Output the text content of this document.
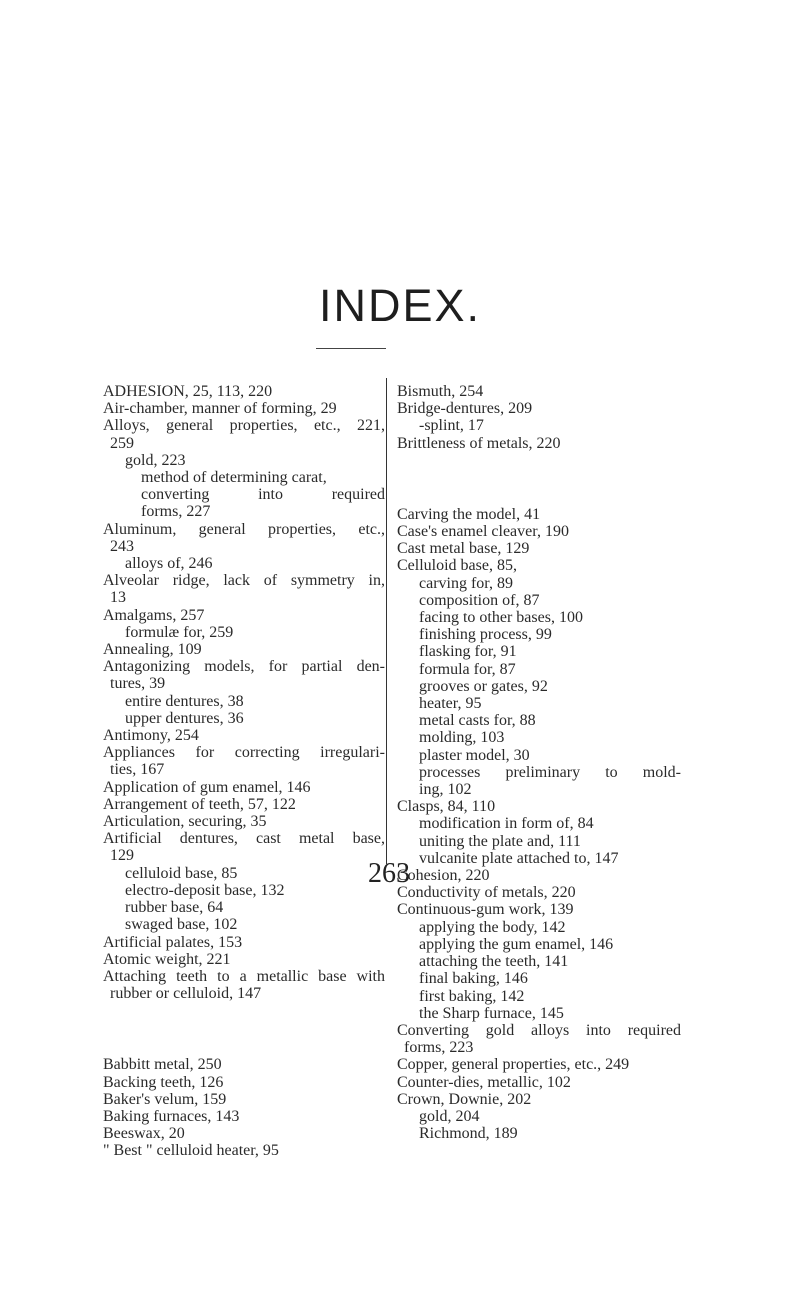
INDEX.
ADHESION, 25, 113, 220
Air-chamber, manner of forming, 29
Alloys, general properties, etc., 221,
259
gold, 223
method of determining carat,
converting into required
forms, 227
Aluminum, general properties, etc.,
243
alloys of, 246
Alveolar ridge, lack of symmetry in,
13
Amalgams, 257
formulæ for, 259
Annealing, 109
Antagonizing models, for partial den-
tures, 39
entire dentures, 38
upper dentures, 36
Antimony, 254
Appliances for correcting irregulari-
ties, 167
Application of gum enamel, 146
Arrangement of teeth, 57, 122
Articulation, securing, 35
Artificial dentures, cast metal base,
129
celluloid base, 85
electro-deposit base, 132
rubber base, 64
swaged base, 102
Artificial palates, 153
Atomic weight, 221
Attaching teeth to a metallic base with
rubber or celluloid, 147
Babbitt metal, 250
Backing teeth, 126
Baker's velum, 159
Baking furnaces, 143
Beeswax, 20
" Best " celluloid heater, 95
Bismuth, 254
Bridge-dentures, 209
-splint, 17
Brittleness of metals, 220
Carving the model, 41
Case's enamel cleaver, 190
Cast metal base, 129
Celluloid base, 85,
carving for, 89
composition of, 87
facing to other bases, 100
finishing process, 99
flasking for, 91
formula for, 87
grooves or gates, 92
heater, 95
metal casts for, 88
molding, 103
plaster model, 30
processes preliminary to mold-
ing, 102
Clasps, 84, 110
modification in form of, 84
uniting the plate and, 111
vulcanite plate attached to, 147
Cohesion, 220
Conductivity of metals, 220
Continuous-gum work, 139
applying the body, 142
applying the gum enamel, 146
attaching the teeth, 141
final baking, 146
first baking, 142
the Sharp furnace, 145
Converting gold alloys into required
forms, 223
Copper, general properties, etc., 249
Counter-dies, metallic, 102
Crown, Downie, 202
gold, 204
Richmond, 189
263
